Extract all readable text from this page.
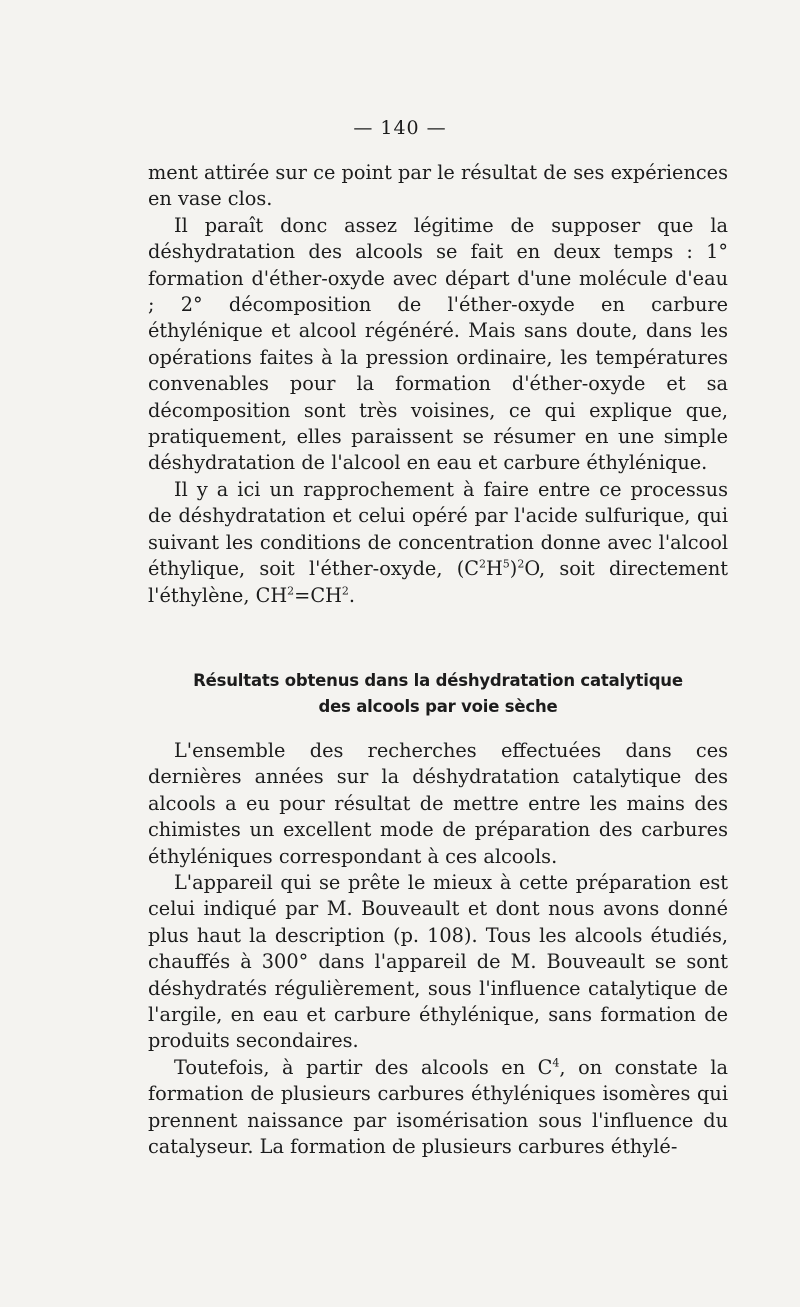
— 140 —

ment attirée sur ce point par le résultat de ses expériences en vase clos.

Il paraît donc assez légitime de supposer que la déshydratation des alcools se fait en deux temps : 1° formation d'éther-oxyde avec départ d'une molécule d'eau ; 2° décomposition de l'éther-oxyde en carbure éthylénique et alcool régénéré. Mais sans doute, dans les opérations faites à la pression ordinaire, les températures convenables pour la formation d'éther-oxyde et sa décomposition sont très voisines, ce qui explique que, pratiquement, elles paraissent se résumer en une simple déshydratation de l'alcool en eau et carbure éthylénique.

Il y a ici un rapprochement à faire entre ce processus de déshydratation et celui opéré par l'acide sulfurique, qui suivant les conditions de concentration donne avec l'alcool éthylique, soit l'éther-oxyde, $(C^2H^5)^2O$, soit directement l'éthylène, $CH^2=CH^2$.

Résultats obtenus dans la déshydratation catalytique
des alcools par voie sèche

L'ensemble des recherches effectuées dans ces dernières années sur la déshydratation catalytique des alcools a eu pour résultat de mettre entre les mains des chimistes un excellent mode de préparation des carbures éthyléniques correspondant à ces alcools.

L'appareil qui se prête le mieux à cette préparation est celui indiqué par M. Bouveault et dont nous avons donné plus haut la description (p. 108). Tous les alcools étudiés, chauffés à 300° dans l'appareil de M. Bouveault se sont déshydratés régulièrement, sous l'influence catalytique de l'argile, en eau et carbure éthylénique, sans formation de produits secondaires.

Toutefois, à partir des alcools en $C^4$, on constate la formation de plusieurs carbures éthyléniques isomères qui prennent naissance par isomérisation sous l'influence du catalyseur. La formation de plusieurs carbures éthylé-
